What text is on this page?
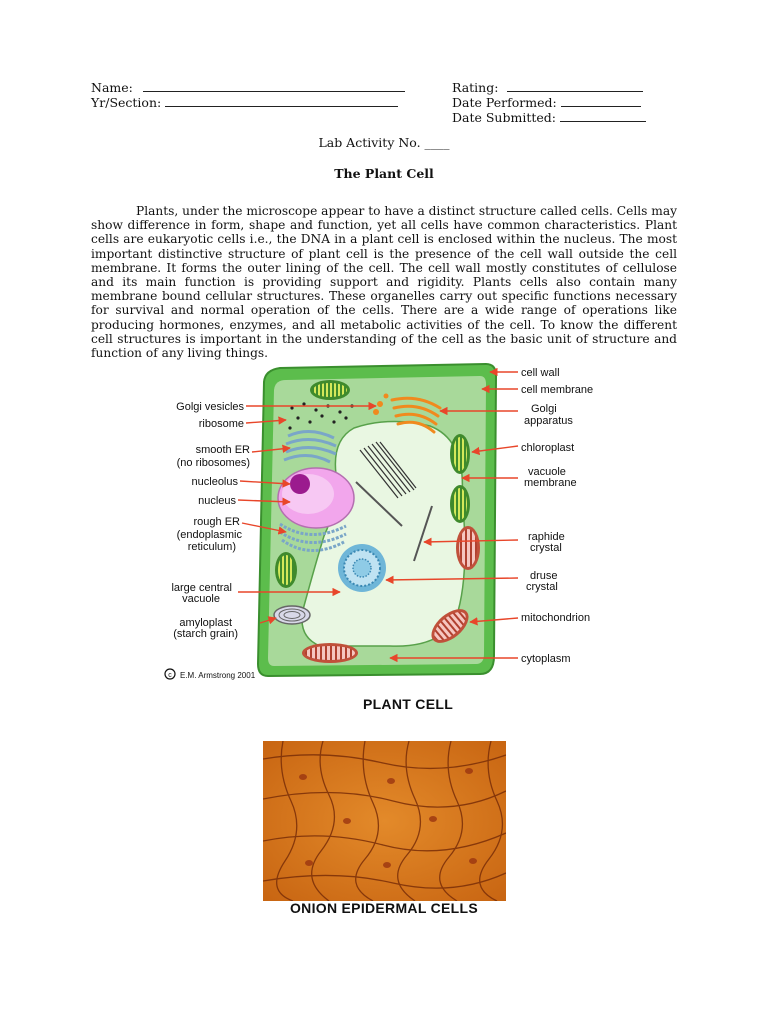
Name:
Yr/Section:
Rating:
Date Performed:
Date Submitted:
Lab Activity No. ____
The Plant Cell

Plants, under the microscope appear to have a distinct structure called cells. Cells may show difference in form, shape and function, yet all cells have common characteristics. Plant cells are eukaryotic cells i.e., the DNA in a plant cell is enclosed within the nucleus. The most important distinctive structure of plant cell is the presence of the cell wall outside the cell membrane. It forms the outer lining of the cell. The cell wall mostly constitutes of cellulose and its main function is providing support and rigidity. Plants cells also contain many membrane bound cellular structures. These organelles carry out specific functions necessary for survival and normal operation of the cells. There are a wide range of operations like producing hormones, enzymes, and all metabolic activities of the cell. To know the different cell structures is important in the understanding of the cell as the basic unit of structure and function of any living things.

Golgi vesicles
ribosome
smooth ER
(no ribosomes)
nucleolus
nucleus
rough ER
(endoplasmic
reticulum)
large central
vacuole
amyloplast
(starch grain)
cell wall
cell membrane
Golgi
apparatus
chloroplast
vacuole
membrane
raphide
crystal
druse
crystal
mitochondrion
cytoplasm
c E.M. Armstrong 2001
PLANT CELL
ONION EPIDERMAL CELLS
